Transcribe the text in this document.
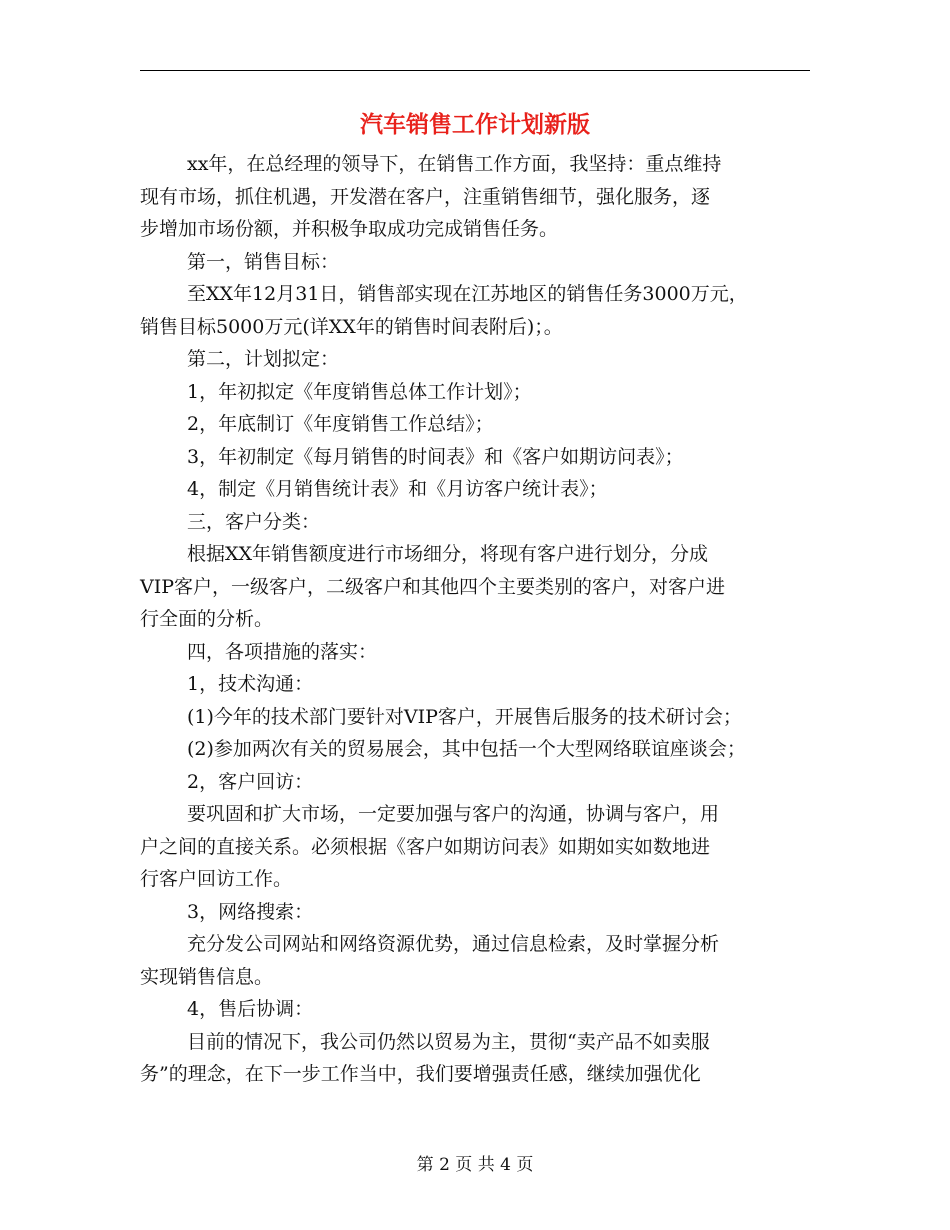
汽车销售工作计划新版

xx年，在总经理的领导下，在销售工作方面，我坚持：重点维持

现有市场，抓住机遇，开发潜在客户，注重销售细节，强化服务，逐

步增加市场份额，并积极争取成功完成销售任务。

第一，销售目标：

至XX年12月31日，销售部实现在江苏地区的销售任务3000万元，

销售目标5000万元(详XX年的销售时间表附后)；。

第二，计划拟定：

1，年初拟定《年度销售总体工作计划》；

2，年底制订《年度销售工作总结》；

3，年初制定《每月销售的时间表》和《客户如期访问表》；

4，制定《月销售统计表》和《月访客户统计表》；

三，客户分类：

根据XX年销售额度进行市场细分，将现有客户进行划分，分成

VIP客户，一级客户，二级客户和其他四个主要类别的客户，对客户进

行全面的分析。

四，各项措施的落实：

1，技术沟通：

(1)今年的技术部门要针对VIP客户，开展售后服务的技术研讨会；

(2)参加两次有关的贸易展会，其中包括一个大型网络联谊座谈会；

2，客户回访：

要巩固和扩大市场，一定要加强与客户的沟通，协调与客户，用

户之间的直接关系。必须根据《客户如期访问表》如期如实如数地进

行客户回访工作。

3，网络搜索：

充分发公司网站和网络资源优势，通过信息检索，及时掌握分析

实现销售信息。

4，售后协调：

目前的情况下，我公司仍然以贸易为主，贯彻“卖产品不如卖服

务”的理念，在下一步工作当中，我们要增强责任感，继续加强优化

第 2 页 共 4 页
